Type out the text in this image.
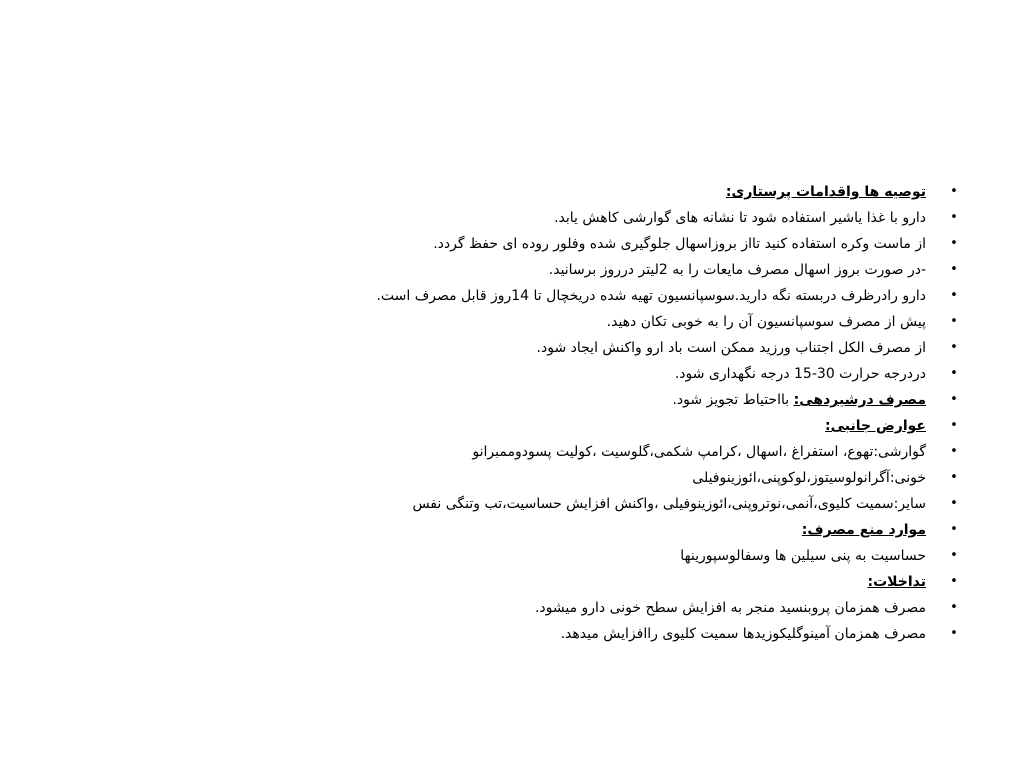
•
توصیه ها واقدامات پرستاری:
•
دارو با غذا یاشیر استفاده شود تا نشانه های گوارشی کاهش یابد.
•
از ماست وکره استفاده کنید تااز بروزاسهال جلوگیری شده وفلور روده ای حفظ گردد.
•
-در صورت بروز اسهال مصرف مایعات را به 2لیتر درروز برسانید.
•
دارو رادرظرف دربسته نگه دارید.سوسپانسیون تهیه شده دریخچال تا 14روز قابل مصرف است.
•
پیش از مصرف سوسپانسیون آن را به خوبی تکان دهید.
•
از مصرف الکل اجتناب ورزید ممکن است باد ارو واکنش ایجاد شود.
•
دردرجه حرارت 30-15 درجه نگهداری شود.
•
مصرف درشیردهی: بااحتیاط تجویز شود.
•
عوارض جانبی:
•
گوارشی:تهوع، استفراغ ،اسهال ،کرامپ شکمی،گلوسیت ،کولیت پسودوممبرانو
•
خونی:آگرانولوسیتوز،لوکوپنی،ائوزینوفیلی
•
سایر:سمیت کلیوی،آنمی،نوتروپنی،ائوزینوفیلی ،واکنش افزایش حساسیت،تب وتنگی نفس
•
موارد منع مصرف:
•
حساسیت به پنی سیلین ها وسفالوسپورینها
•
تداخلات:
•
مصرف همزمان پروبنسید منجر به افزایش سطح خونی دارو میشود.
•
مصرف همزمان آمینوگلیکوزیدها سمیت کلیوی راافزایش میدهد.
